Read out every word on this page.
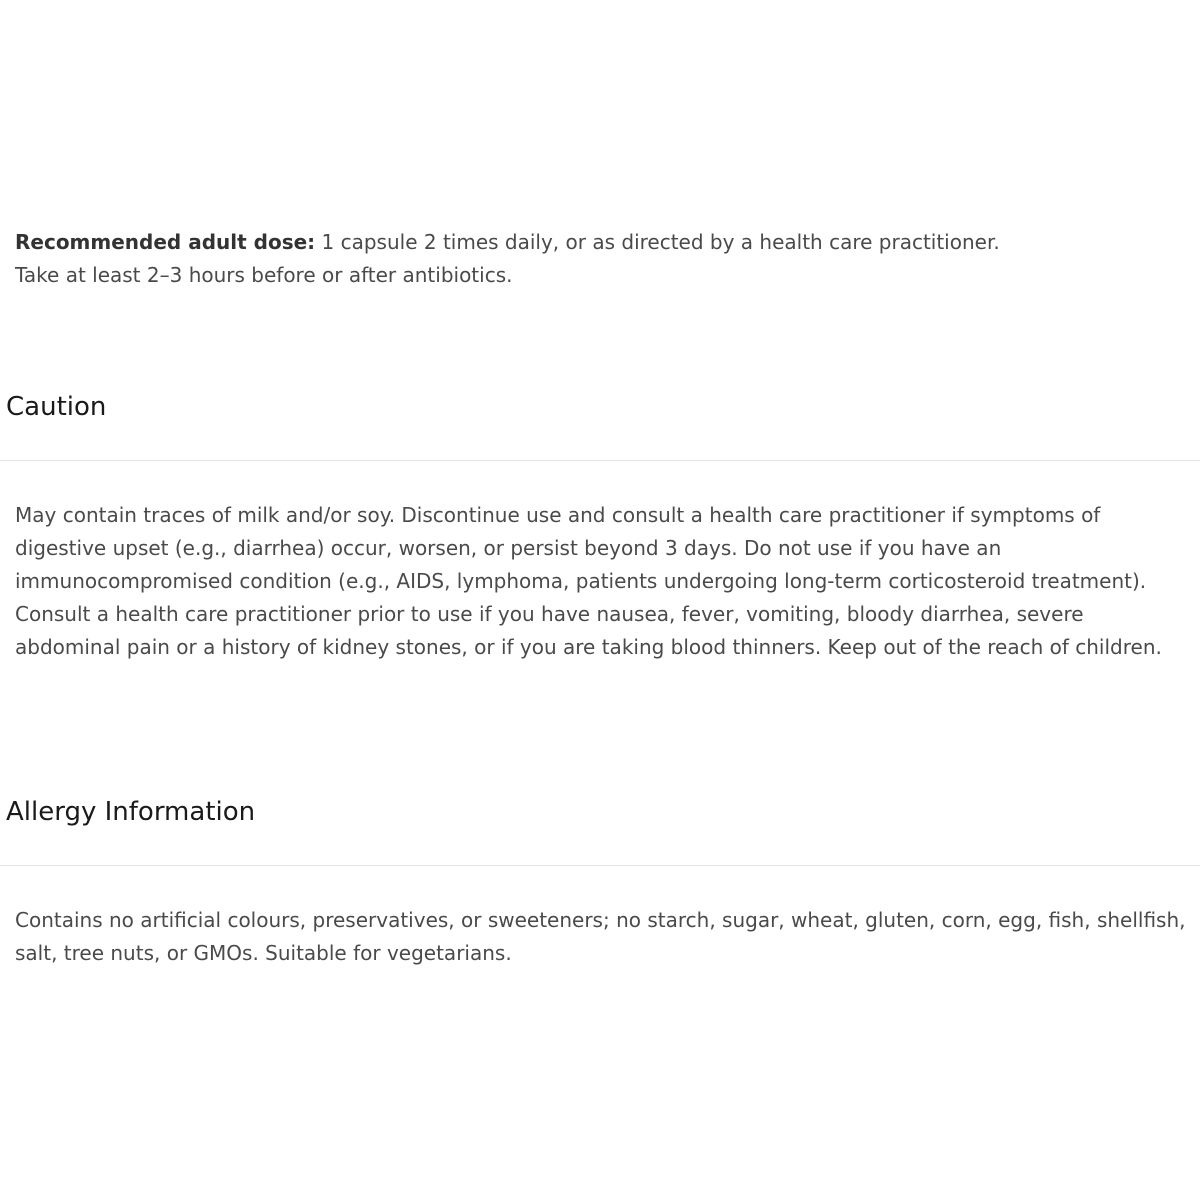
Recommended adult dose: 1 capsule 2 times daily, or as directed by a health care practitioner.

Take at least 2–3 hours before or after antibiotics.

Caution

May contain traces of milk and/or soy. Discontinue use and consult a health care practitioner if symptoms of digestive upset (e.g., diarrhea) occur, worsen, or persist beyond 3 days. Do not use if you have an immunocompromised condition (e.g., AIDS, lymphoma, patients undergoing long-term corticosteroid treatment). Consult a health care practitioner prior to use if you have nausea, fever, vomiting, bloody diarrhea, severe abdominal pain or a history of kidney stones, or if you are taking blood thinners. Keep out of the reach of children.

Allergy Information

Contains no artificial colours, preservatives, or sweeteners; no starch, sugar, wheat, gluten, corn, egg, fish, shellfish, salt, tree nuts, or GMOs. Suitable for vegetarians.
